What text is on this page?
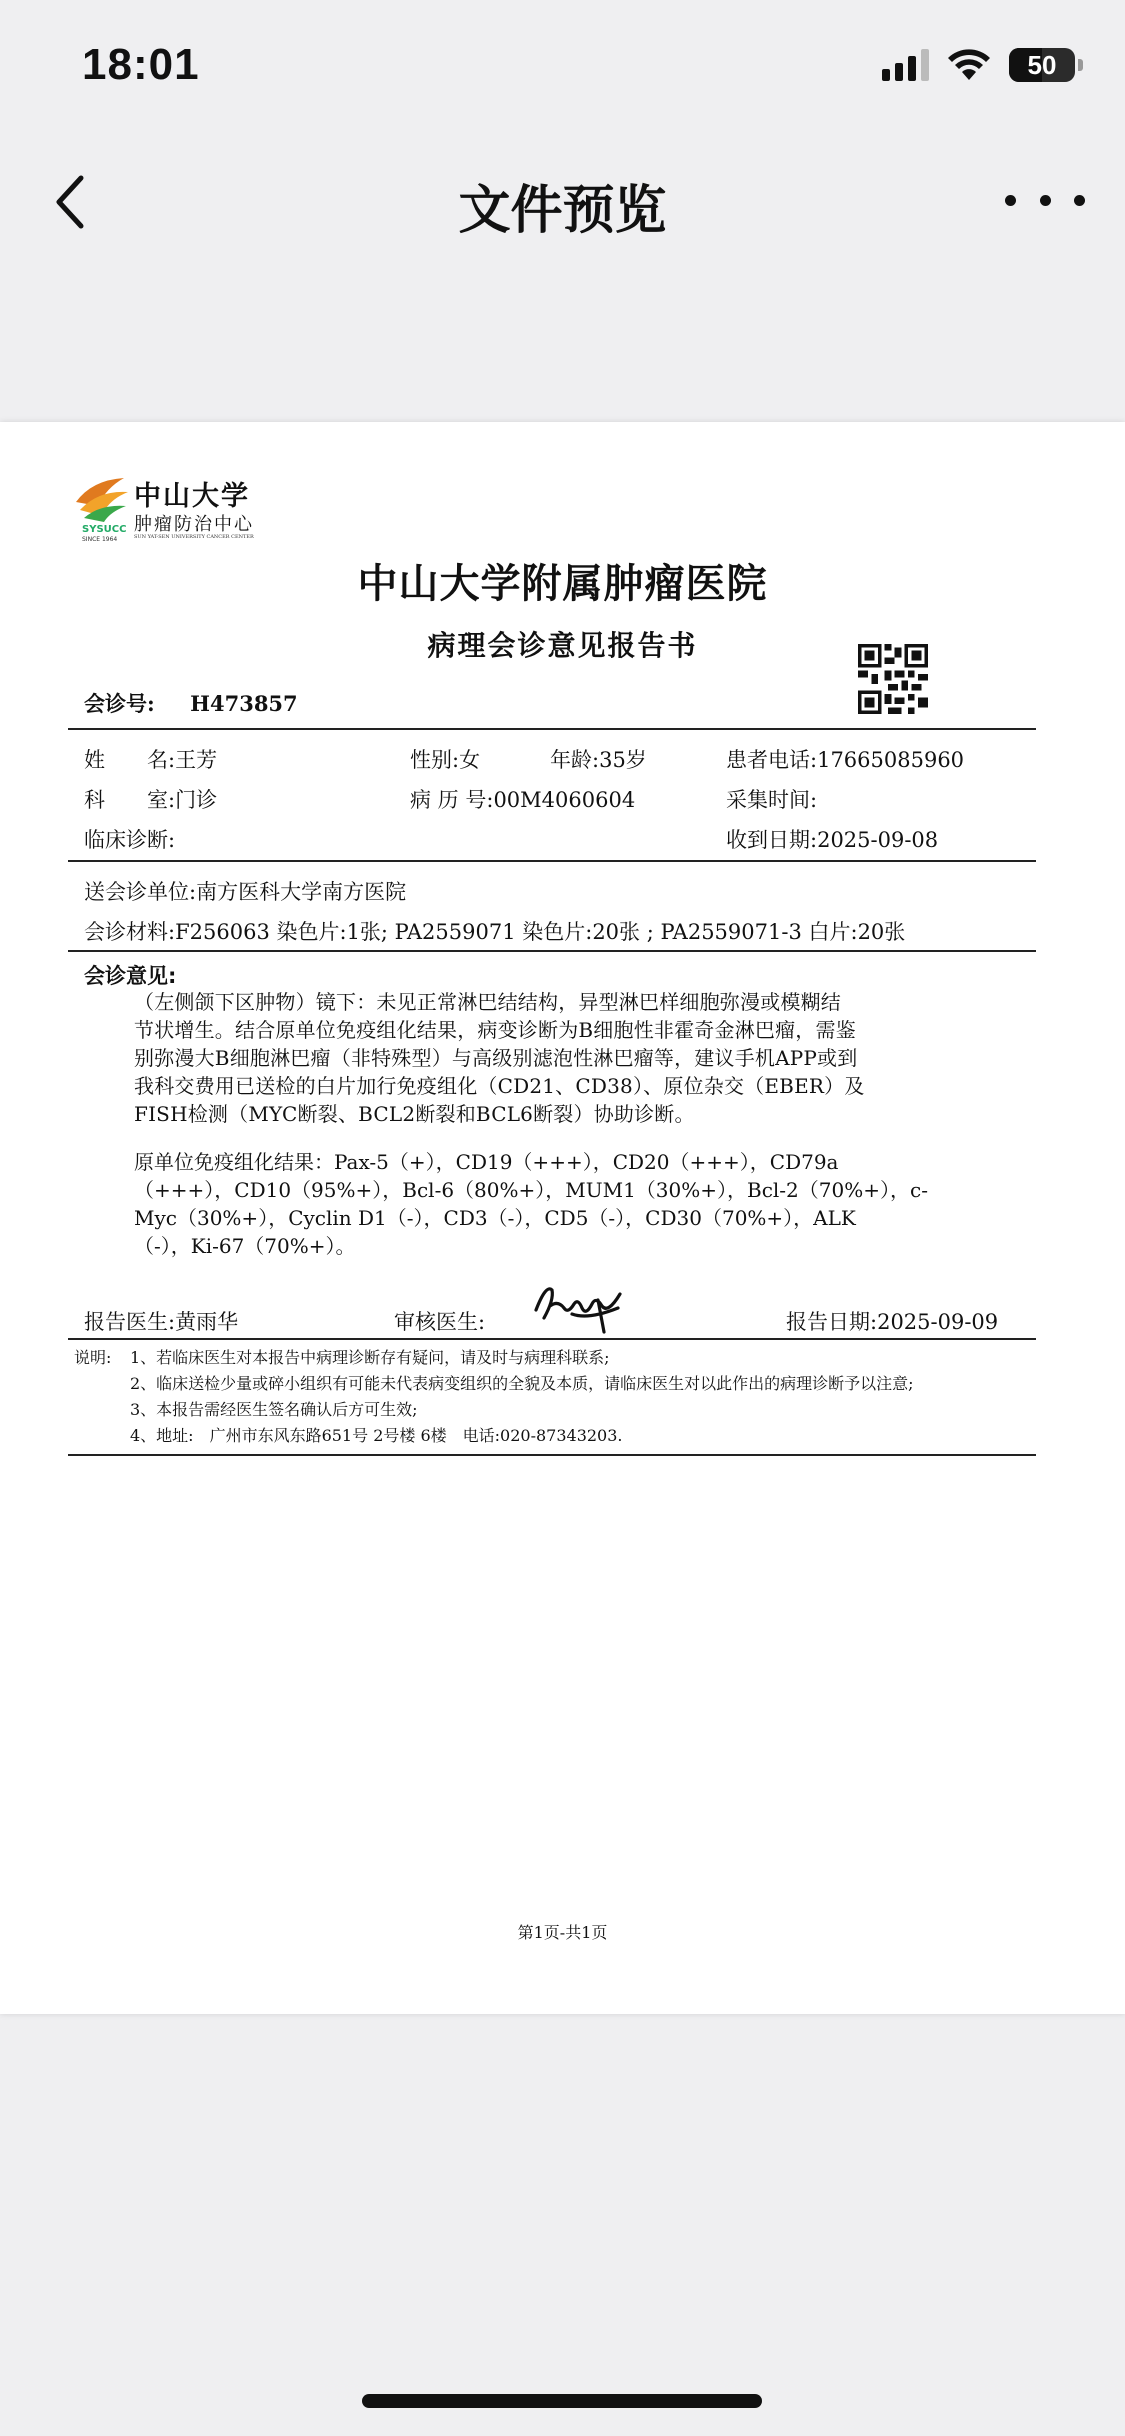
18:01	50
文件预览
中山大学
肿瘤防治中心
SYSUCC
SINCE 1964	SUN YAT-SEN UNIVERSITY CANCER CENTER
中山大学附属肿瘤医院
病理会诊意见报告书
会诊号: H473857
姓　　名:王芳	性别:女	年龄:35岁	患者电话:17665085960
科　　室:门诊	病 历 号:00M4060604	采集时间:
临床诊断:	收到日期:2025-09-08
送会诊单位:南方医科大学南方医院
会诊材料:F256063 染色片:1张; PA2559071 染色片:20张 ; PA2559071-3 白片:20张
会诊意见:
（左侧颌下区肿物）镜下：未见正常淋巴结结构，异型淋巴样细胞弥漫或模糊结
节状增生。结合原单位免疫组化结果，病变诊断为B细胞性非霍奇金淋巴瘤，需鉴
别弥漫大B细胞淋巴瘤（非特殊型）与高级别滤泡性淋巴瘤等，建议手机APP或到
我科交费用已送检的白片加行免疫组化（CD21、CD38）、原位杂交（EBER）及
FISH检测（MYC断裂、BCL2断裂和BCL6断裂）协助诊断。
原单位免疫组化结果：Pax-5（+），CD19（+++），CD20（+++），CD79a
（+++），CD10（95%+），Bcl-6（80%+），MUM1（30%+），Bcl-2（70%+），c-
Myc（30%+），Cyclin D1（-），CD3（-），CD5（-），CD30（70%+），ALK
（-），Ki-67（70%+）。
报告医生:黄雨华	审核医生:	报告日期:2025-09-09
说明: 1、若临床医生对本报告中病理诊断存有疑问，请及时与病理科联系;
2、临床送检少量或碎小组织有可能未代表病变组织的全貌及本质，请临床医生对以此作出的病理诊断予以注意;
3、本报告需经医生签名确认后方可生效;
4、地址:　广州市东风东路651号 2号楼 6楼　电话:020-87343203.
第1页-共1页
